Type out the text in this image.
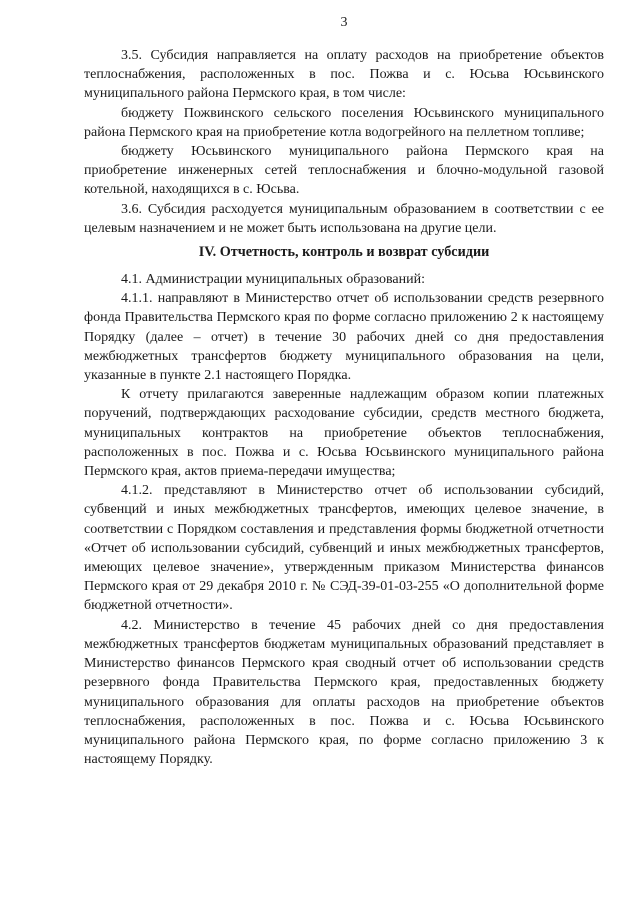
3

3.5. Субсидия направляется на оплату расходов на приобретение объектов теплоснабжения, расположенных в пос. Пожва и с. Юсьва Юсьвинского муниципального района Пермского края, в том числе:

бюджету Пожвинского сельского поселения Юсьвинского муниципального района Пермского края на приобретение котла водогрейного на пеллетном топливе;

бюджету Юсьвинского муниципального района Пермского края на приобретение инженерных сетей теплоснабжения и блочно-модульной газовой котельной, находящихся в с. Юсьва.

3.6. Субсидия расходуется муниципальным образованием в соответствии с ее целевым назначением и не может быть использована на другие цели.

IV. Отчетность, контроль и возврат субсидии

4.1. Администрации муниципальных образований:

4.1.1. направляют в Министерство отчет об использовании средств резервного фонда Правительства Пермского края по форме согласно приложению 2 к настоящему Порядку (далее – отчет) в течение 30 рабочих дней со дня предоставления межбюджетных трансфертов бюджету муниципального образования на цели, указанные в пункте 2.1 настоящего Порядка.

К отчету прилагаются заверенные надлежащим образом копии платежных поручений, подтверждающих расходование субсидии, средств местного бюджета, муниципальных контрактов на приобретение объектов теплоснабжения, расположенных в пос. Пожва и с. Юсьва Юсьвинского муниципального района Пермского края, актов приема-передачи имущества;

4.1.2. представляют в Министерство отчет об использовании субсидий, субвенций и иных межбюджетных трансфертов, имеющих целевое значение, в соответствии с Порядком составления и представления формы бюджетной отчетности «Отчет об использовании субсидий, субвенций и иных межбюджетных трансфертов, имеющих целевое значение», утвержденным приказом Министерства финансов Пермского края от 29 декабря 2010 г. № СЭД-39-01-03-255 «О дополнительной форме бюджетной отчетности».

4.2. Министерство в течение 45 рабочих дней со дня предоставления межбюджетных трансфертов бюджетам муниципальных образований представляет в Министерство финансов Пермского края сводный отчет об использовании средств резервного фонда Правительства Пермского края, предоставленных бюджету муниципального образования для оплаты расходов на приобретение объектов теплоснабжения, расположенных в пос. Пожва и с. Юсьва Юсьвинского муниципального района Пермского края, по форме согласно приложению 3 к настоящему Порядку.
